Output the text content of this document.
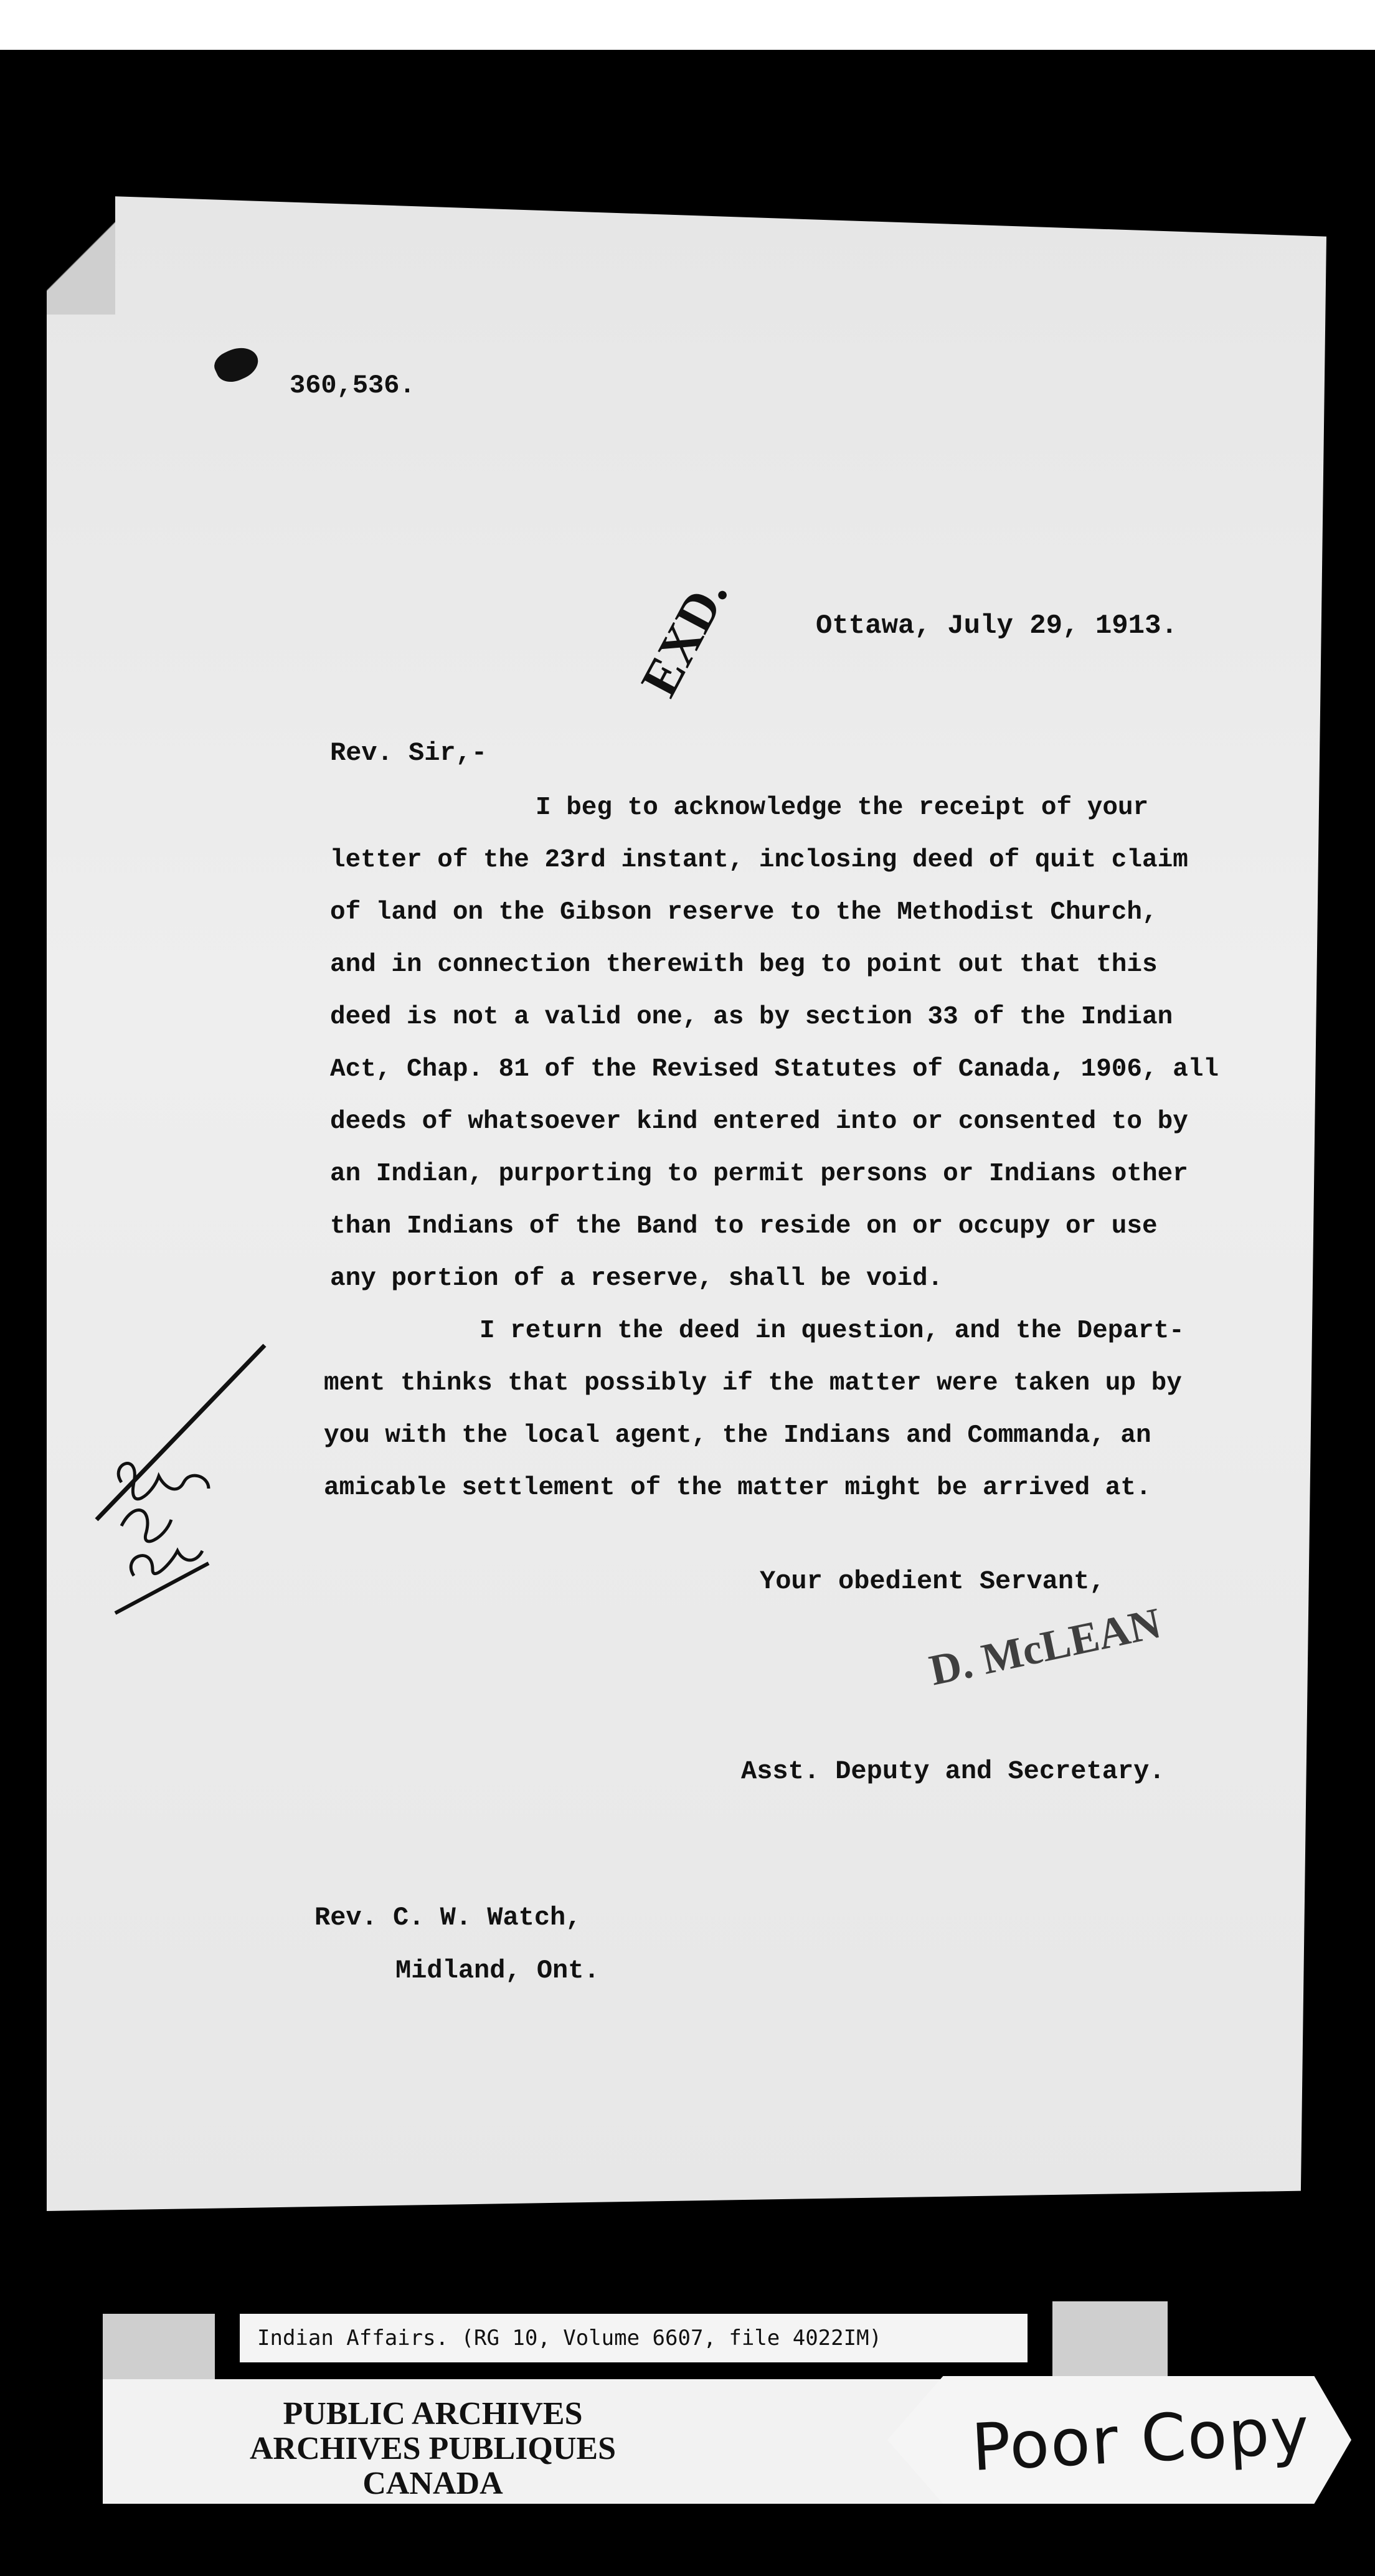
360,536.
EXD.	Ottawa, July 29, 1913.
Rev. Sir,-
I beg to acknowledge the receipt of your
letter of the 23rd instant, inclosing deed of quit claim
of land on the Gibson reserve to the Methodist Church,
and in connection therewith beg to point out that this
deed is not a valid one, as by section 33 of the Indian
Act, Chap. 81 of the Revised Statutes of Canada, 1906, all
deeds of whatsoever kind entered into or consented to by
an Indian, purporting to permit persons or Indians other
than Indians of the Band to reside on or occupy or use
any portion of a reserve, shall be void.
I return the deed in question, and the Depart-
ment thinks that possibly if the matter were taken up by
you with the local agent, the Indians and Commanda, an
amicable settlement of the matter might be arrived at.
Your obedient Servant,
D. McLEAN
Asst. Deputy and Secretary.
Rev. C. W. Watch,
Midland, Ont.
Indian Affairs. (RG 10, Volume 6607, file 4022IM)
PUBLIC ARCHIVES
ARCHIVES PUBLIQUES
CANADA	Poor Copy
